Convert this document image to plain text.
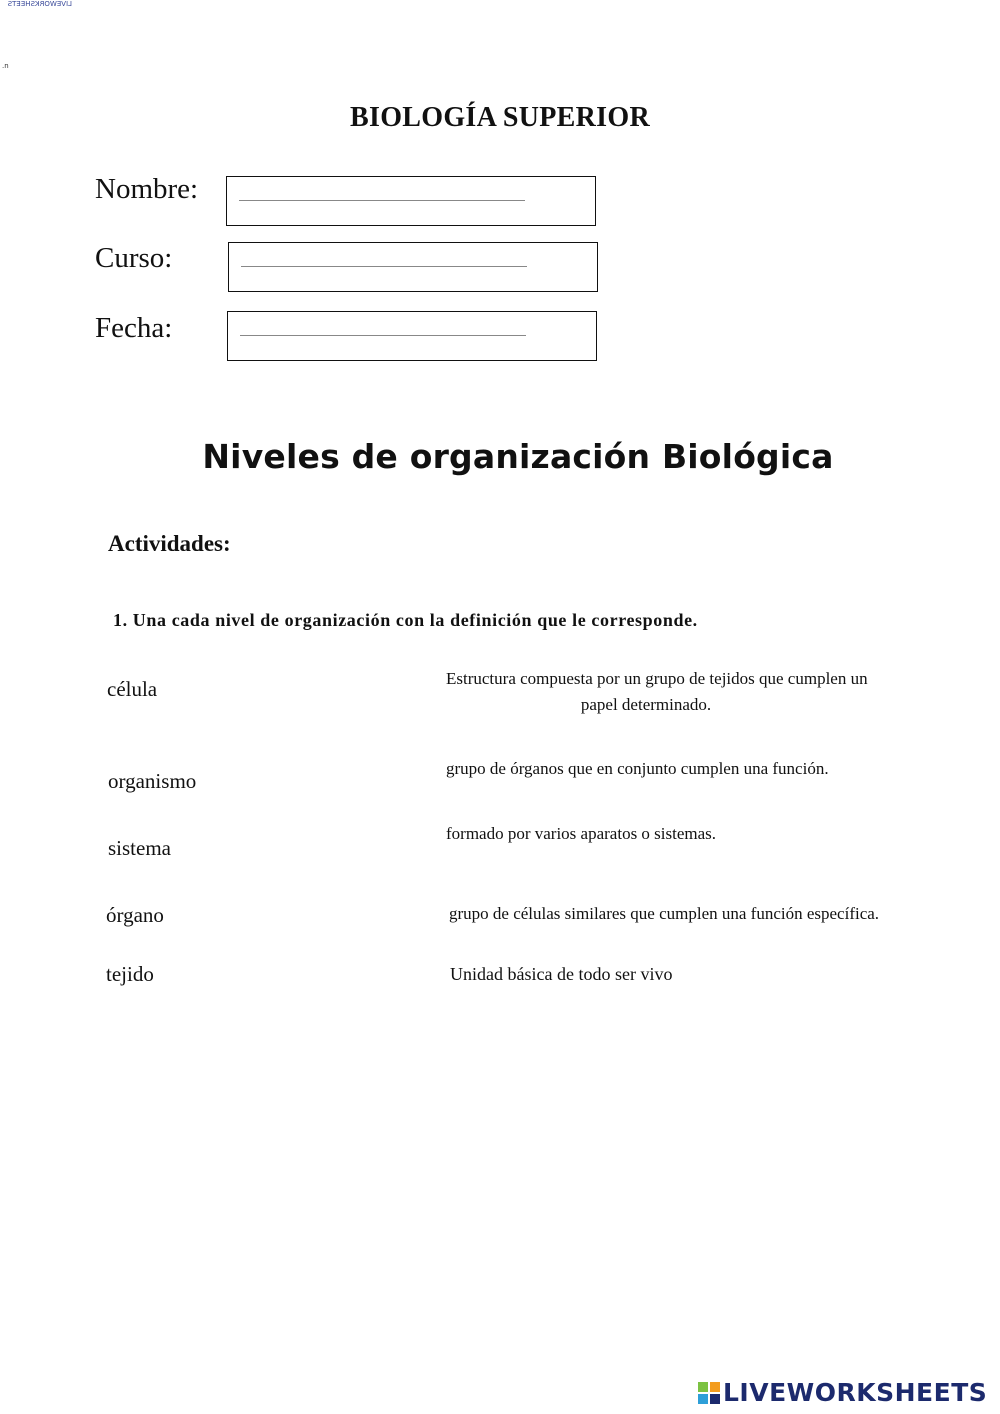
LIVEWORKSHEETS
.n
BIOLOGÍA SUPERIOR
Nombre:
Curso:
Fecha:
Niveles de organización Biológica
Actividades:
1. Una cada nivel de organización con la definición que le corresponde.
célula
organismo
sistema
órgano
tejido
Estructura compuesta por un grupo de tejidos que cumplen un
papel determinado.
grupo de órganos que en conjunto cumplen una función.
formado por varios aparatos o sistemas.
grupo de células similares que cumplen una función específica.
Unidad básica de todo ser vivo
LIVEWORKSHEETS
